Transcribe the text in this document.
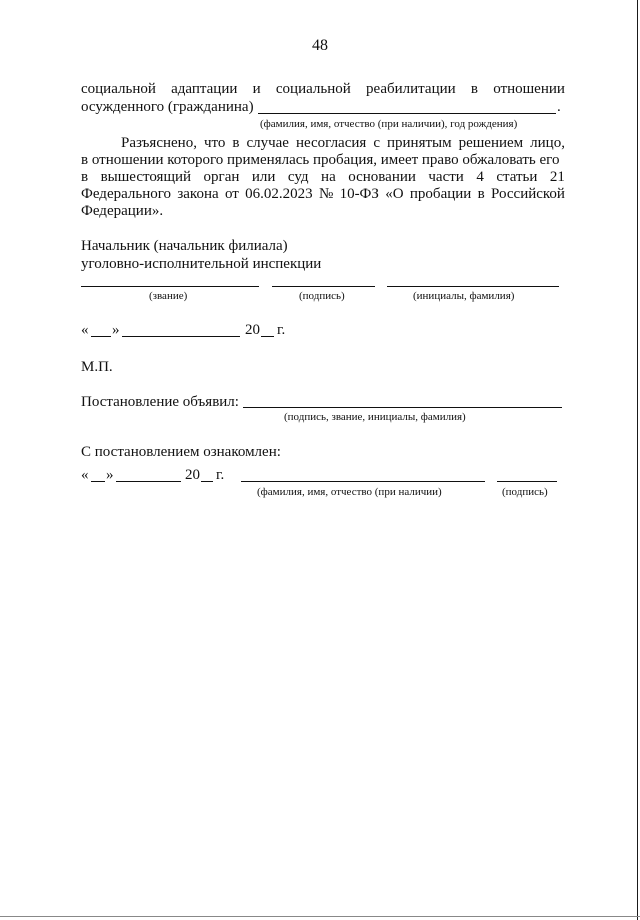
48
социальной адаптации и социальной реабилитации в отношении
осужденного (гражданина)	.
(фамилия, имя, отчество (при наличии), год рождения)
Разъяснено, что в случае несогласия с принятым решением лицо,
в отношении которого применялась пробация, имеет право обжаловать его
в вышестоящий орган или суд на основании части 4 статьи 21
Федерального закона от 06.02.2023 № 10-ФЗ «О пробации в Российской
Федерации».
Начальник (начальник филиала)
уголовно-исполнительной инспекции
(звание)	(подпись)	(инициалы, фамилия)
« »	20 г.
М.П.
Постановление объявил:
(подпись, звание, инициалы, фамилия)
С постановлением ознакомлен:
« »	20 г.
(фамилия, имя, отчество (при наличии)	(подпись)
